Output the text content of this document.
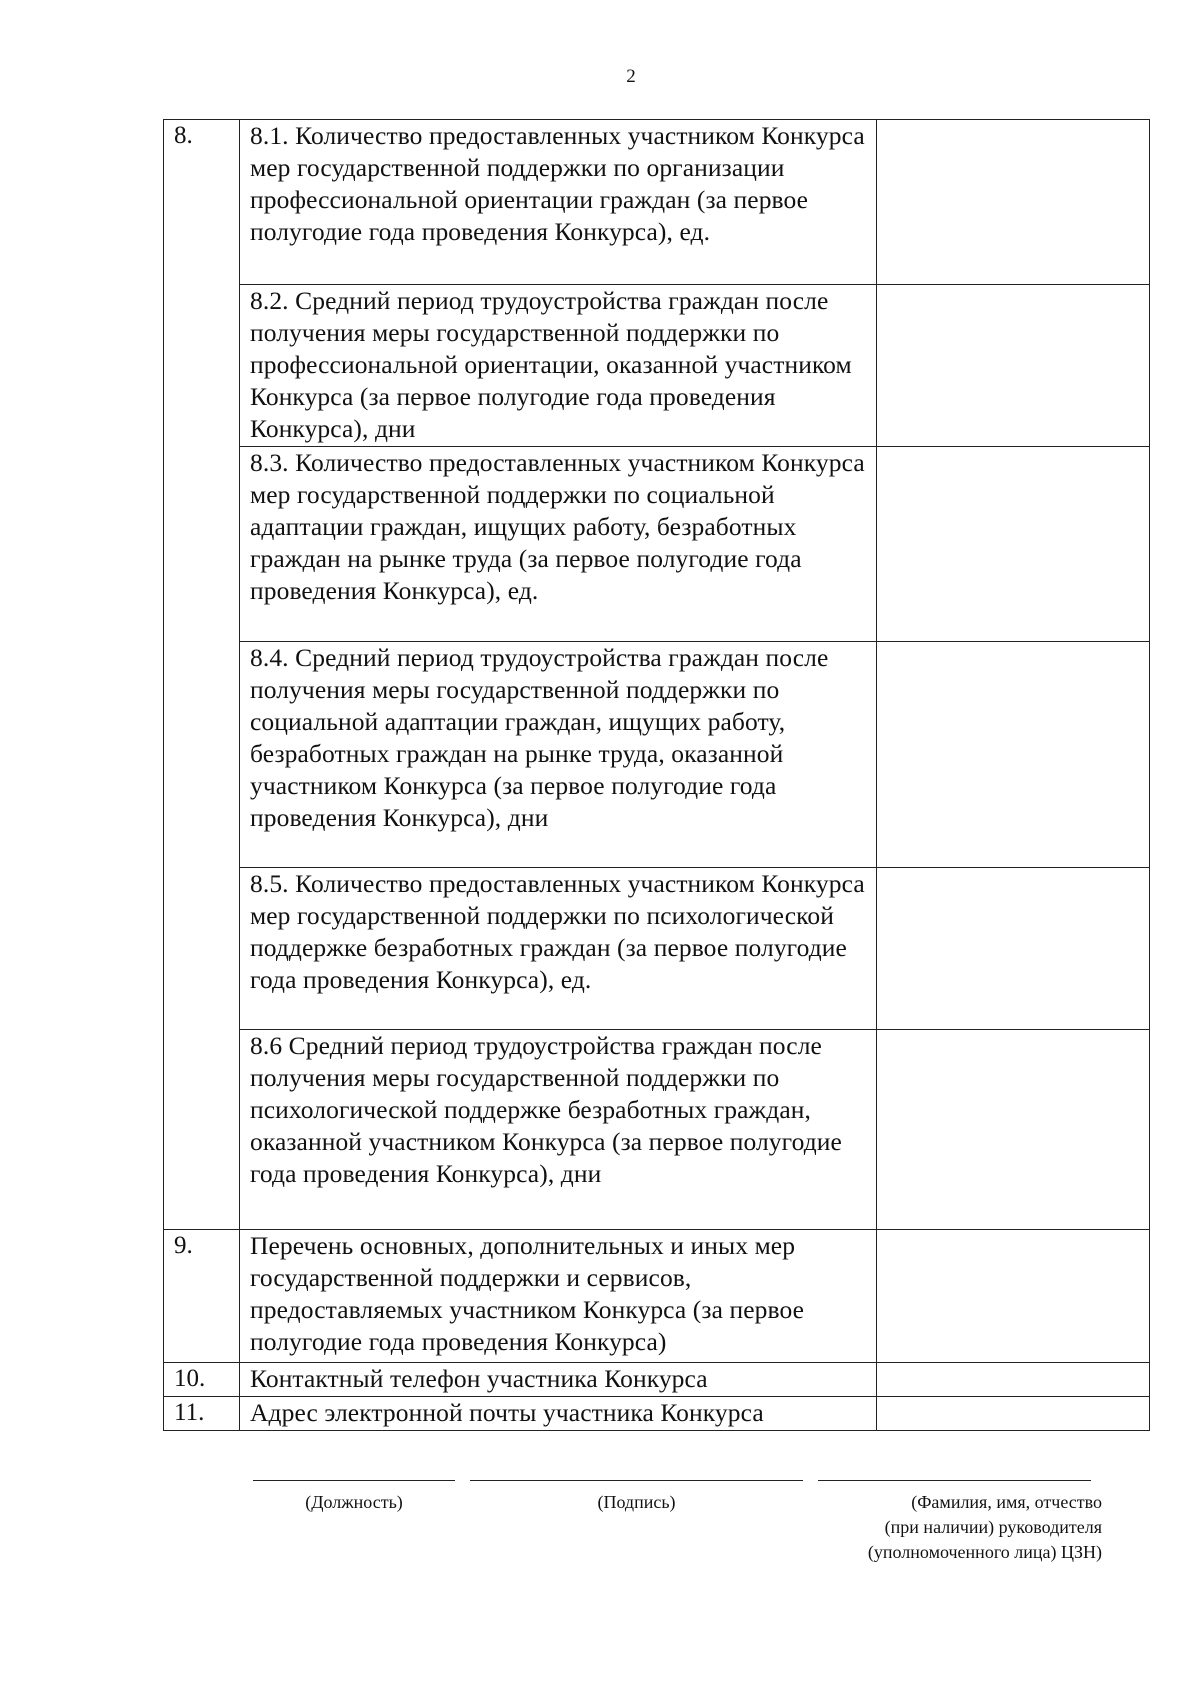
2
8.	8.1. Количество предоставленных участником Конкурса мер государственной поддержки по организации профессиональной ориентации граждан (за первое полугодие года проведения Конкурса), ед.	
	8.2. Средний период трудоустройства граждан после получения меры государственной поддержки по профессиональной ориентации, оказанной участником Конкурса (за первое полугодие года проведения Конкурса), дни	
	8.3. Количество предоставленных участником Конкурса мер государственной поддержки по социальной адаптации граждан, ищущих работу, безработных граждан на рынке труда (за первое полугодие года проведения Конкурса), ед.	
	8.4. Средний период трудоустройства граждан после получения меры государственной поддержки по социальной адаптации граждан, ищущих работу, безработных граждан на рынке труда, оказанной участником Конкурса (за первое полугодие года проведения Конкурса), дни	
	8.5. Количество предоставленных участником Конкурса мер государственной поддержки по психологической поддержке безработных граждан (за первое полугодие года проведения Конкурса), ед.	
	8.6 Средний период трудоустройства граждан после получения меры государственной поддержки по психологической поддержке безработных граждан, оказанной участником Конкурса (за первое полугодие года проведения Конкурса), дни	
9.	Перечень основных, дополнительных и иных мер государственной поддержки и сервисов, предоставляемых участником Конкурса (за первое полугодие года проведения Конкурса)	
10.	Контактный телефон участника Конкурса	
11.	Адрес электронной почты участника Конкурса	
(Должность)	(Подпись)	(Фамилия, имя, отчество
(при наличии) руководителя
(уполномоченного лица) ЦЗН)
